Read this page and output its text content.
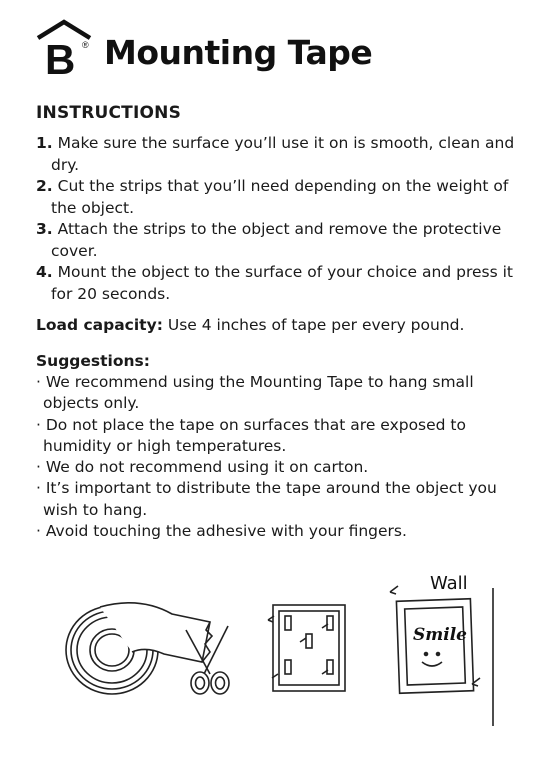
B ® Mounting Tape
INSTRUCTIONS
1. Make sure the surface you’ll use it on is smooth, clean and dry.
2. Cut the strips that you’ll need depending on the weight of the object.
3. Attach the strips to the object and remove the protective cover.
4. Mount the object to the surface of your choice and press it for 20 seconds.
Load capacity: Use 4 inches of tape per every pound.
Suggestions:
· We recommend using the Mounting Tape to hang small objects only.
· Do not place the tape on surfaces that are exposed to humidity or high temperatures.
· We do not recommend using it on carton.
· It’s important to distribute the tape around the object you wish to hang.
· Avoid touching the adhesive with your fingers.
Wall
Smile
